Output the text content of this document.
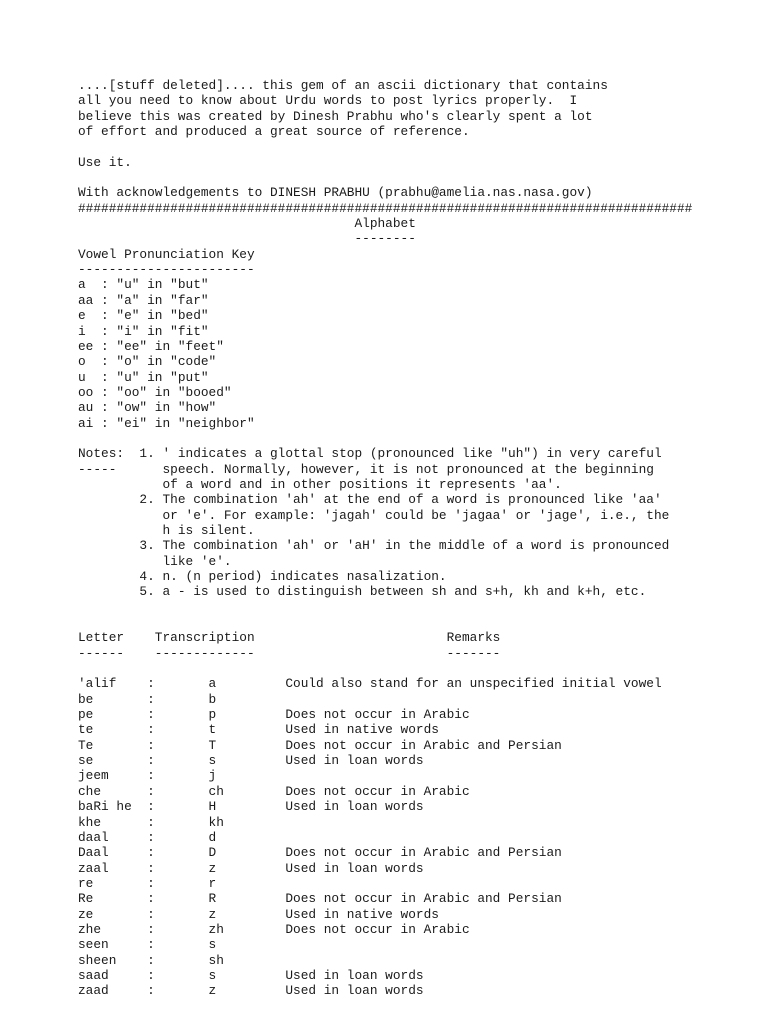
....[stuff deleted].... this gem of an ascii dictionary that contains
all you need to know about Urdu words to post lyrics properly.  I
believe this was created by Dinesh Prabhu who's clearly spent a lot
of effort and produced a great source of reference.
Use it.
With acknowledgements to DINESH PRABHU (prabhu@amelia.nas.nasa.gov)
################################################################################
Alphabet
--------
Vowel Pronunciation Key
-----------------------
a  : "u" in "but"
aa : "a" in "far"
e  : "e" in "bed"
i  : "i" in "fit"
ee : "ee" in "feet"
o  : "o" in "code"
u  : "u" in "put"
oo : "oo" in "booed"
au : "ow" in "how"
ai : "ei" in "neighbor"
Notes:  1. ' indicates a glottal stop (pronounced like "uh") in very careful
-----      speech. Normally, however, it is not pronounced at the beginning
of a word and in other positions it represents 'aa'.
2. The combination 'ah' at the end of a word is pronounced like 'aa'
or 'e'. For example: 'jagah' could be 'jagaa' or 'jage', i.e., the
h is silent.
3. The combination 'ah' or 'aH' in the middle of a word is pronounced
like 'e'.
4. n. (n period) indicates nasalization.
5. a - is used to distinguish between sh and s+h, kh and k+h, etc.
Letter    Transcription                         Remarks
------    -------------                         -------
'alif    :       a         Could also stand for an unspecified initial vowel
be       :       b
pe       :       p         Does not occur in Arabic
te       :       t         Used in native words
Te       :       T         Does not occur in Arabic and Persian
se       :       s         Used in loan words
jeem     :       j
che      :       ch        Does not occur in Arabic
baRi he  :       H         Used in loan words
khe      :       kh
daal     :       d
Daal     :       D         Does not occur in Arabic and Persian
zaal     :       z         Used in loan words
re       :       r
Re       :       R         Does not occur in Arabic and Persian
ze       :       z         Used in native words
zhe      :       zh        Does not occur in Arabic
seen     :       s
sheen    :       sh
saad     :       s         Used in loan words
zaad     :       z         Used in loan words
